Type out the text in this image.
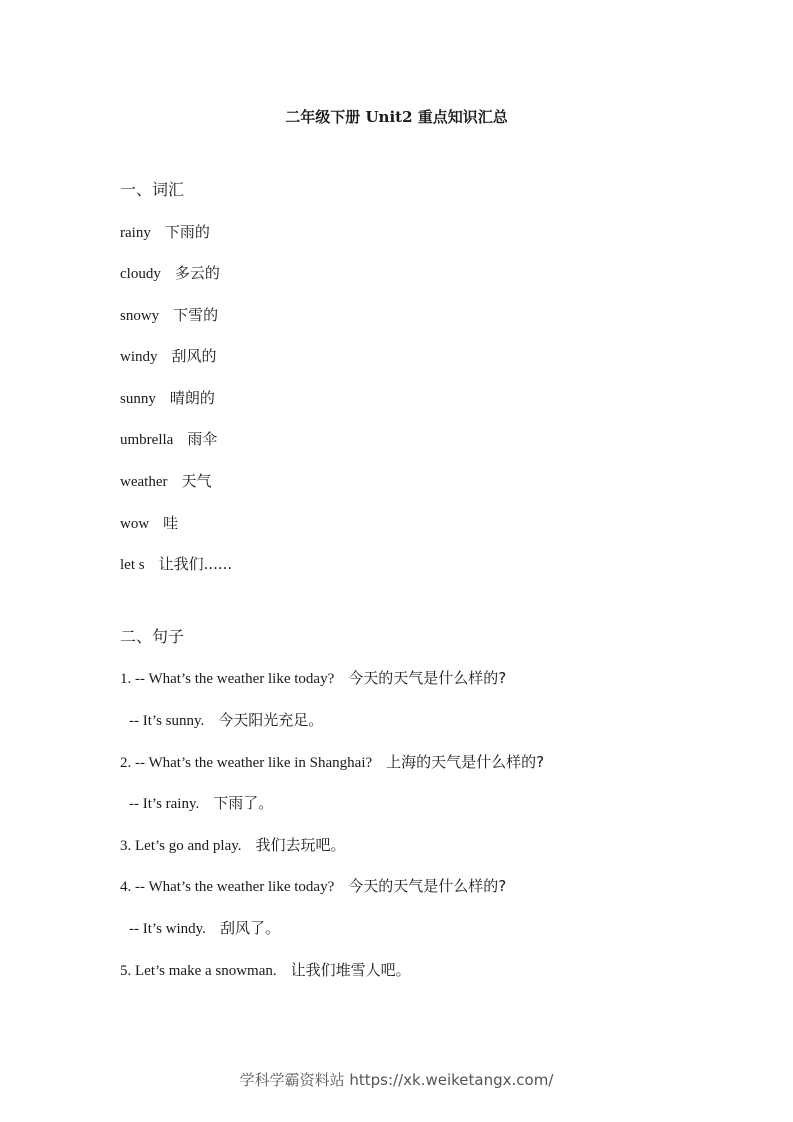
二年级下册 Unit2 重点知识汇总
一、词汇
rainy 下雨的
cloudy 多云的
snowy 下雪的
windy 刮风的
sunny 晴朗的
umbrella 雨伞
weather 天气
wow 哇
let s 让我们......
二、句子
1. -- What’s the weather like today? 今天的天气是什么样的?
-- It’s sunny. 今天阳光充足。
2. -- What’s the weather like in Shanghai? 上海的天气是什么样的?
-- It’s rainy. 下雨了。
3. Let’s go and play. 我们去玩吧。
4. -- What’s the weather like today? 今天的天气是什么样的?
-- It’s windy. 刮风了。
5. Let’s make a snowman. 让我们堆雪人吧。
学科学霸资料站 https://xk.weiketangx.com/
